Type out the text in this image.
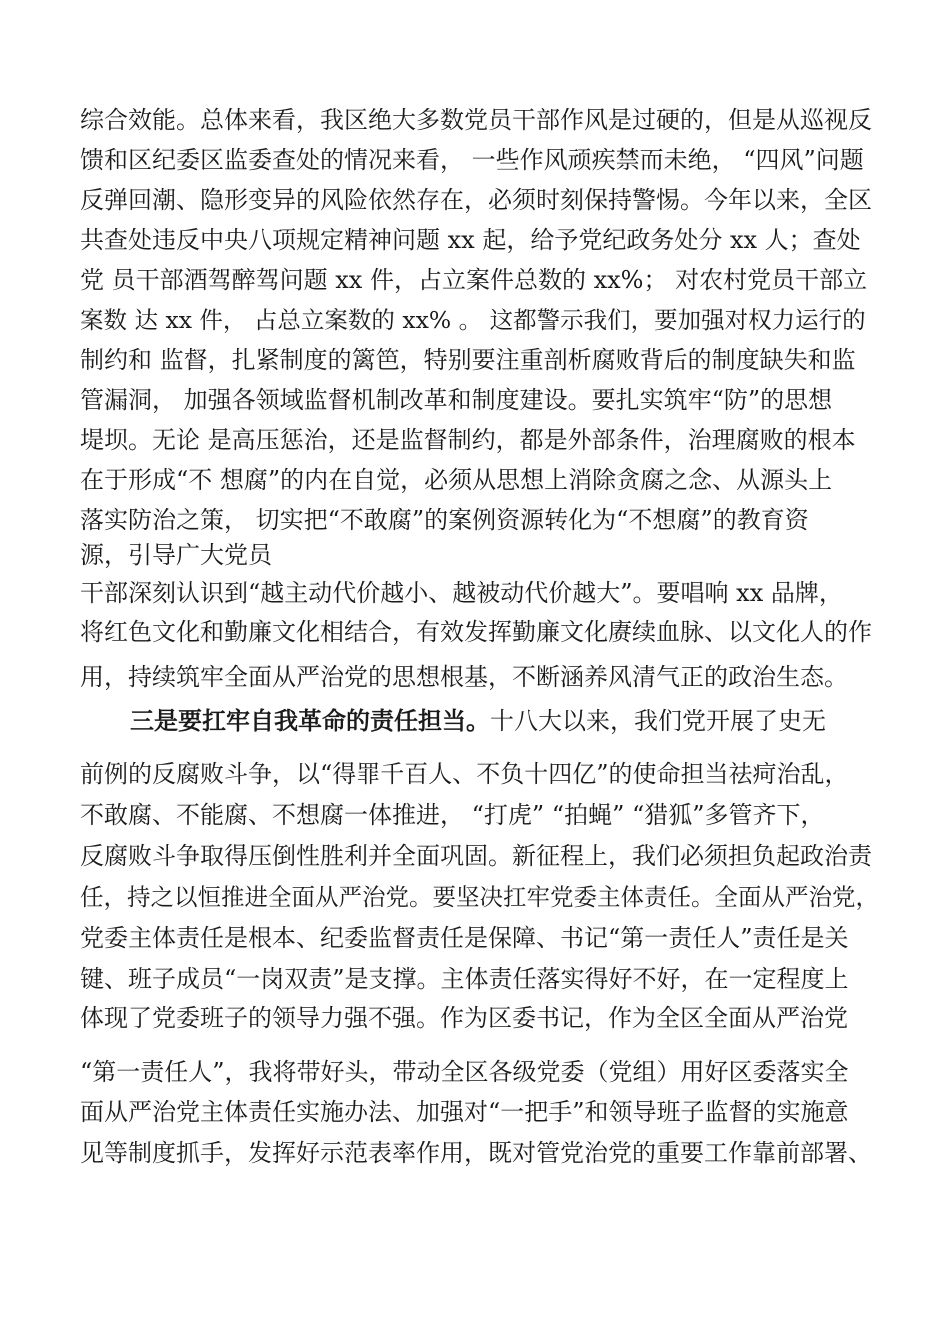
综合效能。总体来看，我区绝大多数党员干部作风是过硬的，但是从巡视反
馈和区纪委区监委查处的情况来看， 一些作风顽疾禁而未绝， “四风”问题
反弹回潮、隐形变异的风险依然存在，必须时刻保持警惕。今年以来，全区
共查处违反中央八项规定精神问题 xx 起，给予党纪政务处分 xx 人；查处
党 员干部酒驾醉驾问题 xx 件，占立案件总数的 xx%； 对农村党员干部立
案数 达 xx 件， 占总立案数的 xx% 。 这都警示我们，要加强对权力运行的
制约和 监督，扎紧制度的篱笆，特别要注重剖析腐败背后的制度缺失和监
管漏洞， 加强各领域监督机制改革和制度建设。要扎实筑牢“防”的思想
堤坝。无论 是高压惩治，还是监督制约，都是外部条件，治理腐败的根本
在于形成“不 想腐”的内在自觉，必须从思想上消除贪腐之念、从源头上
落实防治之策， 切实把“不敢腐”的案例资源转化为“不想腐”的教育资
源，引导广大党员
干部深刻认识到“越主动代价越小、越被动代价越大”。要唱响 xx 品牌，
将红色文化和勤廉文化相结合，有效发挥勤廉文化赓续血脉、以文化人的作
用，持续筑牢全面从严治党的思想根基，不断涵养风清气正的政治生态。
三是要扛牢自我革命的责任担当。十八大以来，我们党开展了史无
前例的反腐败斗争，以“得罪千百人、不负十四亿”的使命担当祛疴治乱，
不敢腐、不能腐、不想腐一体推进， “打虎” “拍蝇” “猎狐”多管齐下，
反腐败斗争取得压倒性胜利并全面巩固。新征程上，我们必须担负起政治责
任，持之以恒推进全面从严治党。要坚决扛牢党委主体责任。全面从严治党，
党委主体责任是根本、纪委监督责任是保障、书记“第一责任人”责任是关
键、班子成员“一岗双责”是支撑。主体责任落实得好不好，在一定程度上
体现了党委班子的领导力强不强。作为区委书记，作为全区全面从严治党
“第一责任人”，我将带好头，带动全区各级党委（党组）用好区委落实全
面从严治党主体责任实施办法、加强对“一把手”和领导班子监督的实施意
见等制度抓手，发挥好示范表率作用，既对管党治党的重要工作靠前部署、
